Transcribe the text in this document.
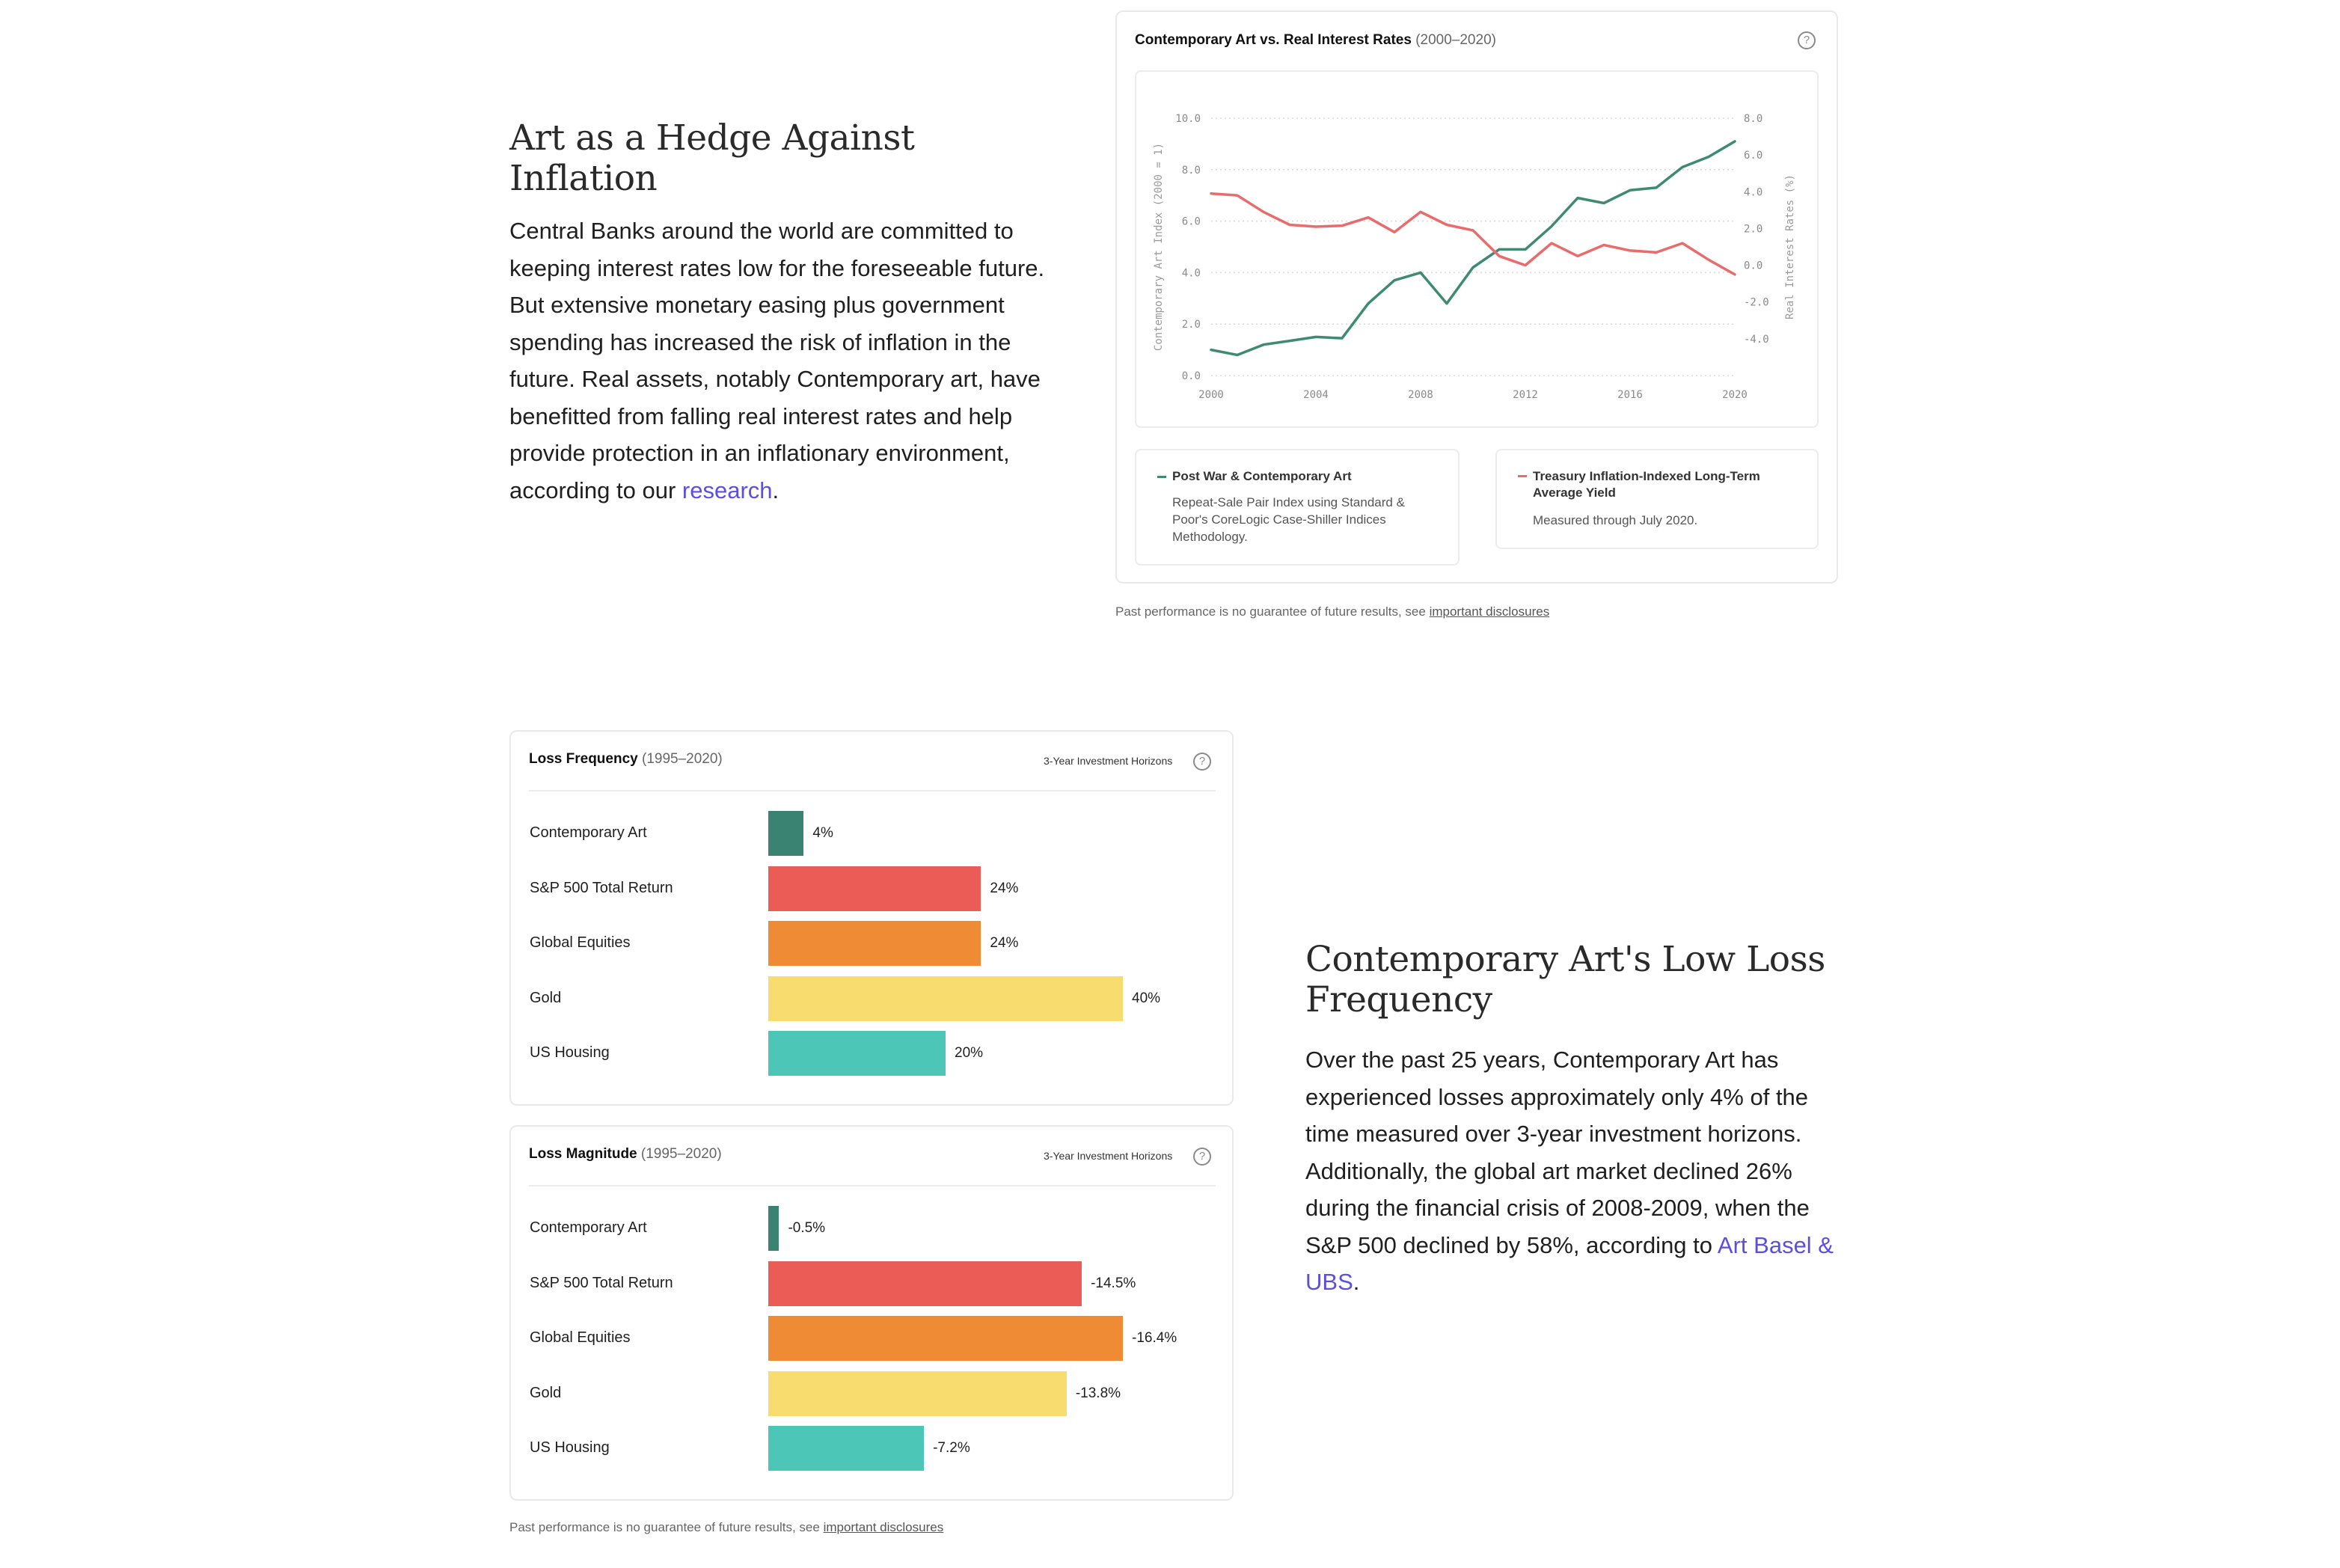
Art as a Hedge Against Inflation

Central Banks around the world are committed to keeping interest rates low for the foreseeable future. But extensive monetary easing plus government spending has increased the risk of inflation in the future. Real assets, notably Contemporary art, have benefitted from falling real interest rates and help provide protection in an inflationary environment, according to our research.

Contemporary Art vs. Real Interest Rates (2000–2020)	?
0.0
2.0
4.0
6.0
8.0
10.0
-4.0
-2.0
0.0
2.0
4.0
6.0
8.0
2000	2004	2008	2012	2016	2020
Contemporary Art Index (2000 = 1)	Real Interest Rates (%)
Post War & Contemporary Art
Repeat-Sale Pair Index using Standard & Poor's CoreLogic Case-Shiller Indices Methodology.
Treasury Inflation-Indexed Long-Term Average Yield
Measured through July 2020.
Past performance is no guarantee of future results, see important disclosures
Loss Frequency (1995–2020)	3-Year Investment Horizons	?
Contemporary Art	4%
S&P 500 Total Return	24%
Global Equities	24%
Gold	40%
US Housing	20%
Loss Magnitude (1995–2020)	3-Year Investment Horizons	?
Contemporary Art	-0.5%
S&P 500 Total Return	-14.5%
Global Equities	-16.4%
Gold	-13.8%
US Housing	-7.2%
Past performance is no guarantee of future results, see important disclosures
Contemporary Art's Low Loss Frequency

Over the past 25 years, Contemporary Art has experienced losses approximately only 4% of the time measured over 3-year investment horizons. Additionally, the global art market declined 26% during the financial crisis of 2008-2009, when the S&P 500 declined by 58%, according to Art Basel & UBS.
